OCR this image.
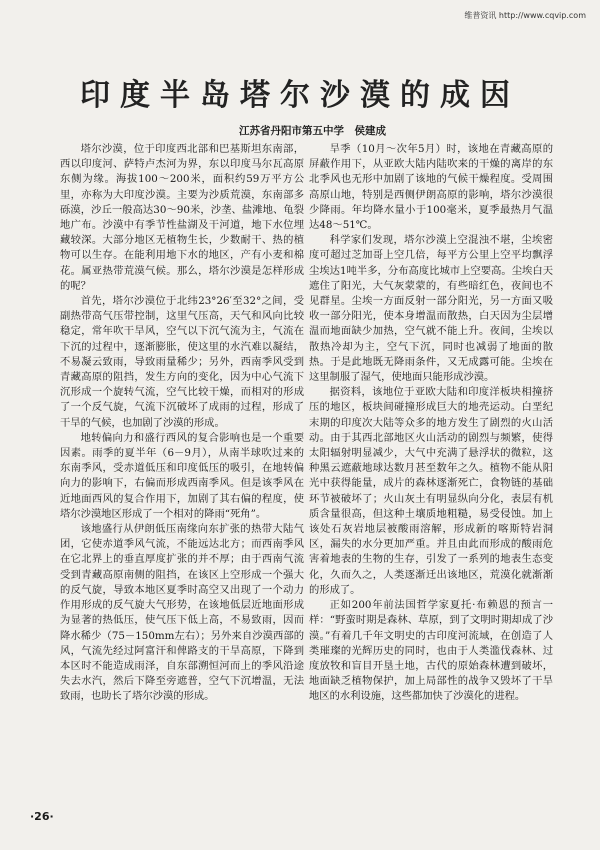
维普资讯 http://www.cqvip.com
印度半岛塔尔沙漠的成因
江苏省丹阳市第五中学　侯建成

塔尔沙漠，位于印度西北部和巴基斯坦东南部，西以印度河、萨特卢杰河为界，东以印度马尔瓦高原东侧为缘。海拔100～200米，面积约59万平方公里，亦称为大印度沙漠。主要为沙质荒漠，东南部多砾漠，沙丘一般高达30～90米，沙垄、盐滩地、龟裂地广布。沙漠中有季节性盐湖及干河道，地下水位埋藏较深。大部分地区无植物生长，少数耐干、热的植物可以生存。在能利用地下水的地区，产有小麦和棉花。属亚热带荒漠气候。那么，塔尔沙漠是怎样形成的呢？

首先，塔尔沙漠位于北纬23°26′至32°之间，受副热带高气压带控制，这里气压高，天气和风向比较稳定，常年吹干旱风，空气以下沉气流为主，气流在下沉的过程中，逐渐膨胀，使这里的水汽难以凝结，不易凝云致雨，导致雨量稀少；另外，西南季风受到青藏高原的阻挡，发生方向的变化，因为中心气流下沉形成一个旋转气流，空气比较干燥，而相对的形成了一个反气旋，气流下沉破坏了成雨的过程，形成了干旱的气候，也加剧了沙漠的形成。

地转偏向力和盛行西风的复合影响也是一个重要因素。雨季的夏半年（6－9月），从南半球吹过来的东南季风，受赤道低压和印度低压的吸引，在地转偏向力的影响下，右偏而形成西南季风。但是该季风在近地面西风的复合作用下，加剧了其右偏的程度，使塔尔沙漠地区形成了一个相对的降雨“死角”。

该地盛行从伊朗低压南缘向东扩张的热带大陆气团，它使赤道季风气流，不能远达北方；而西南季风在它北界上的垂直厚度扩张的并不厚；由于西南气流受到青藏高原南侧的阻挡，在该区上空形成一个强大的反气旋，导致本地区夏季时高空又出现了一个动力作用形成的反气旋大气形势，在该地低层近地面形成为显著的热低压，使气压下低上高，不易致雨，因而降水稀少（75－150mm左右）；另外来自沙漠西部的风，气流先经过阿富汗和俾路支的干旱高原，下降到本区时不能造成雨泽，自东部溯恒河而上的季风沿途失去水汽，然后下降至旁遮普，空气下沉增温，无法致雨，也助长了塔尔沙漠的形成。

旱季（10月～次年5月）时，该地在青藏高原的屏蔽作用下，从亚欧大陆内陆吹来的干燥的离岸的东北季风也无形中加剧了该地的气候干燥程度。受周围高原山地，特别是西侧伊朗高原的影响，塔尔沙漠很少降雨。年均降水量小于100毫米，夏季最热月气温达48～51℃。

科学家们发现，塔尔沙漠上空混浊不堪，尘埃密度可超过芝加哥上空几倍，每平方公里上空平均飘浮尘埃达1吨半多，分布高度比城市上空要高。尘埃白天遮住了阳光，大气灰蒙蒙的，有些暗红色，夜间也不见群星。尘埃一方面反射一部分阳光，另一方面又吸收一部分阳光，使本身增温而散热，白天因为尘层增温而地面缺少加热，空气就不能上升。夜间，尘埃以散热冷却为主，空气下沉，同时也减弱了地面的散热。于是此地既无降雨条件，又无成露可能。尘埃在这里制服了湿气，使地面只能形成沙漠。

据资料，该地位于亚欧大陆和印度洋板块相撞挤压的地区，板块间碰撞形成巨大的地壳运动。白垩纪末期的印度次大陆等众多的地方发生了剧烈的火山活动。由于其西北部地区火山活动的剧烈与频繁，使得太阳辐射明显减少，大气中充满了悬浮状的微粒，这种黑云遮蔽地球达数月甚至数年之久。植物不能从阳光中获得能量，成片的森林逐渐死亡，食物链的基础环节被破坏了；火山灰土有明显纵向分化，表层有机质含量很高，但这种土壤质地粗糙，易受侵蚀。加上该处石灰岩地层被酸雨溶解，形成新的喀斯特岩洞区，漏失的水分更加严重。并且由此而形成的酸雨危害着地表的生物的生存，引发了一系列的地表生态变化，久而久之，人类逐渐迁出该地区，荒漠化就渐渐的形成了。

正如200年前法国哲学家夏托·布赖恩的预言一样：“野蛮时期是森林、草原，到了文明时期却成了沙漠。”有着几千年文明史的古印度河流域，在创造了人类璀璨的光辉历史的同时，也由于人类滥伐森林、过度放牧和盲目开垦土地，古代的原始森林遭到破坏，地面缺乏植物保护，加上局部性的战争又毁坏了干旱地区的水利设施，这些都加快了沙漠化的进程。

·26·
